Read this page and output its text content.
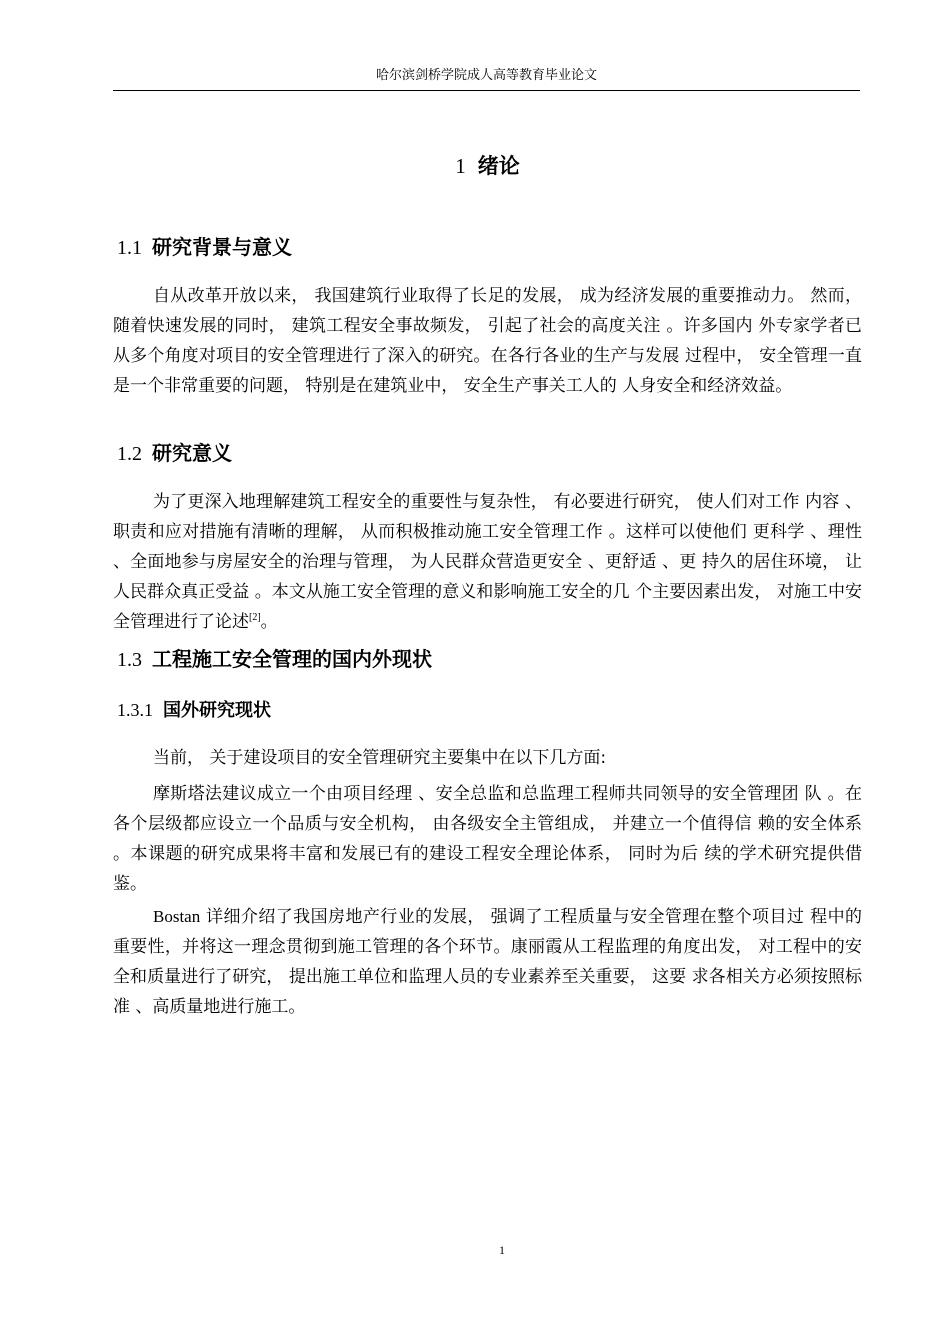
哈尔滨剑桥学院成人高等教育毕业论文
1 绪论
1.1 研究背景与意义

自从改革开放以来， 我国建筑行业取得了长足的发展， 成为经济发展的重要推动力。 然而， 随着快速发展的同时， 建筑工程安全事故频发， 引起了社会的高度关注 。许多国内 外专家学者已从多个角度对项目的安全管理进行了深入的研究。在各行各业的生产与发展 过程中， 安全管理一直是一个非常重要的问题， 特别是在建筑业中， 安全生产事关工人的 人身安全和经济效益。

1.2 研究意义

为了更深入地理解建筑工程安全的重要性与复杂性， 有必要进行研究， 使人们对工作 内容 、职责和应对措施有清晰的理解， 从而积极推动施工安全管理工作 。这样可以使他们 更科学 、理性 、全面地参与房屋安全的治理与管理， 为人民群众营造更安全 、更舒适 、更 持久的居住环境， 让人民群众真正受益 。本文从施工安全管理的意义和影响施工安全的几 个主要因素出发， 对施工中安全管理进行了论述[2]。

1.3 工程施工安全管理的国内外现状
1.3.1 国外研究现状

当前， 关于建设项目的安全管理研究主要集中在以下几方面:

摩斯塔法建议成立一个由项目经理 、安全总监和总监理工程师共同领导的安全管理团 队 。在各个层级都应设立一个品质与安全机构， 由各级安全主管组成， 并建立一个值得信 赖的安全体系 。本课题的研究成果将丰富和发展已有的建设工程安全理论体系， 同时为后 续的学术研究提供借鉴。

Bostan 详细介绍了我国房地产行业的发展， 强调了工程质量与安全管理在整个项目过 程中的重要性，并将这一理念贯彻到施工管理的各个环节。康丽霞从工程监理的角度出发， 对工程中的安全和质量进行了研究， 提出施工单位和监理人员的专业素养至关重要， 这要 求各相关方必须按照标准 、高质量地进行施工。

1
